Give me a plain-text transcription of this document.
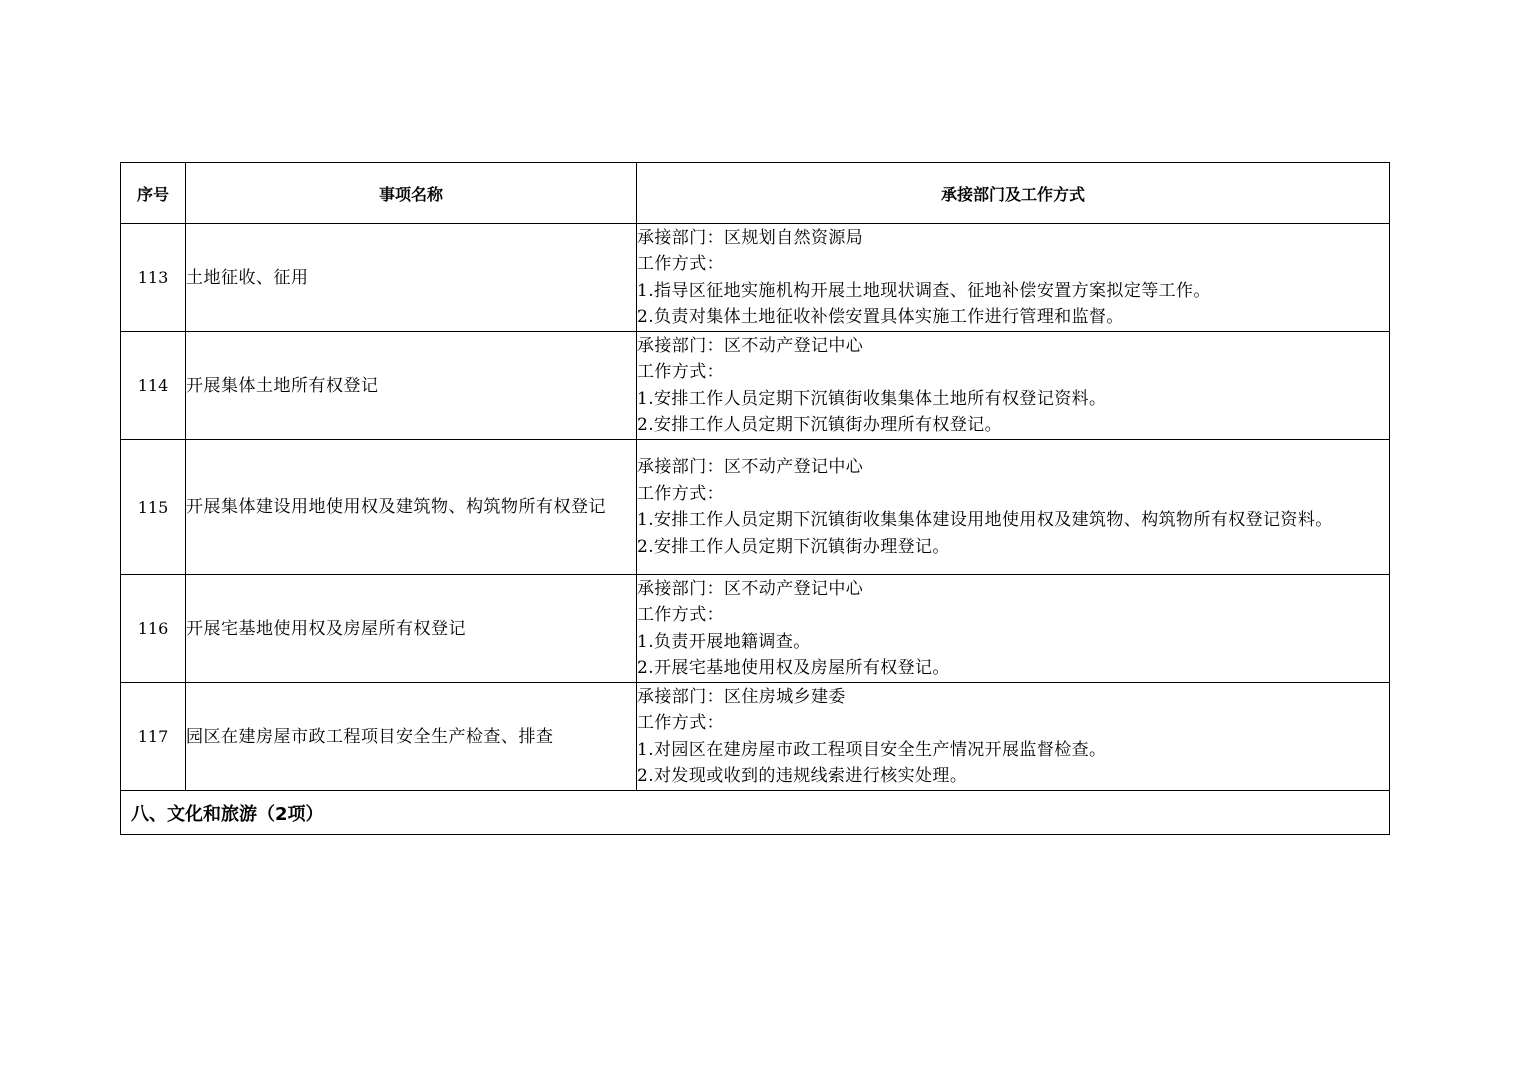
序号	事项名称	承接部门及工作方式
113	土地征收、征用	承接部门：区规划自然资源局
工作方式：
1.指导区征地实施机构开展土地现状调查、征地补偿安置方案拟定等工作。
2.负责对集体土地征收补偿安置具体实施工作进行管理和监督。

114	开展集体土地所有权登记	承接部门：区不动产登记中心
工作方式：
1.安排工作人员定期下沉镇街收集集体土地所有权登记资料。
2.安排工作人员定期下沉镇街办理所有权登记。

115	开展集体建设用地使用权及建筑物、构筑物所有权登记	承接部门：区不动产登记中心
工作方式：
1.安排工作人员定期下沉镇街收集集体建设用地使用权及建筑物、构筑物所有权登记资料。
2.安排工作人员定期下沉镇街办理登记。

116	开展宅基地使用权及房屋所有权登记	承接部门：区不动产登记中心
工作方式：
1.负责开展地籍调查。
2.开展宅基地使用权及房屋所有权登记。

117	园区在建房屋市政工程项目安全生产检查、排查	承接部门：区住房城乡建委
工作方式：
1.对园区在建房屋市政工程项目安全生产情况开展监督检查。
2.对发现或收到的违规线索进行核实处理。

八、文化和旅游（2项）		
